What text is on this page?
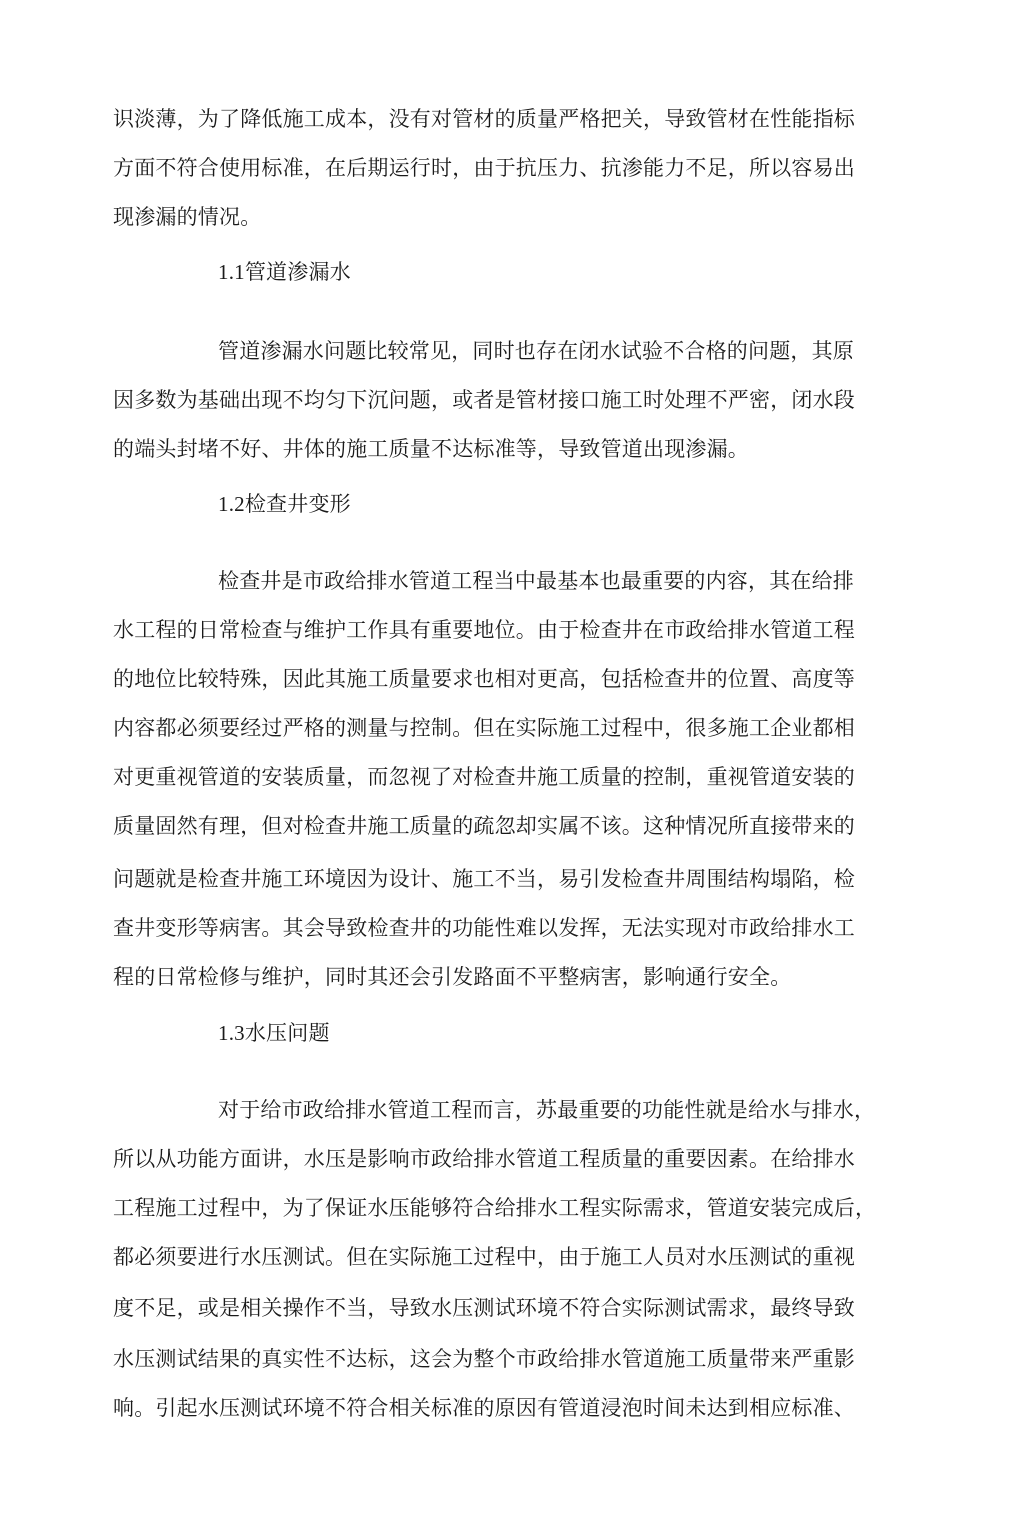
识淡薄，为了降低施工成本，没有对管材的质量严格把关，导致管材在性能指标
方面不符合使用标准，在后期运行时，由于抗压力、抗渗能力不足，所以容易出
现渗漏的情况。
1.1管道渗漏水
管道渗漏水问题比较常见，同时也存在闭水试验不合格的问题，其原
因多数为基础出现不均匀下沉问题，或者是管材接口施工时处理不严密，闭水段
的端头封堵不好、井体的施工质量不达标准等，导致管道出现渗漏。
1.2检查井变形
检查井是市政给排水管道工程当中最基本也最重要的内容，其在给排
水工程的日常检查与维护工作具有重要地位。由于检查井在市政给排水管道工程
的地位比较特殊，因此其施工质量要求也相对更高，包括检查井的位置、高度等
内容都必须要经过严格的测量与控制。但在实际施工过程中，很多施工企业都相
对更重视管道的安装质量，而忽视了对检查井施工质量的控制，重视管道安装的
质量固然有理，但对检查井施工质量的疏忽却实属不该。这种情况所直接带来的
问题就是检查井施工环境因为设计、施工不当，易引发检查井周围结构塌陷，检
查井变形等病害。其会导致检查井的功能性难以发挥，无法实现对市政给排水工
程的日常检修与维护，同时其还会引发路面不平整病害，影响通行安全。
1.3水压问题
对于给市政给排水管道工程而言，苏最重要的功能性就是给水与排水，
所以从功能方面讲，水压是影响市政给排水管道工程质量的重要因素。在给排水
工程施工过程中，为了保证水压能够符合给排水工程实际需求，管道安装完成后，
都必须要进行水压测试。但在实际施工过程中，由于施工人员对水压测试的重视
度不足，或是相关操作不当，导致水压测试环境不符合实际测试需求，最终导致
水压测试结果的真实性不达标，这会为整个市政给排水管道施工质量带来严重影
响。引起水压测试环境不符合相关标准的原因有管道浸泡时间未达到相应标准、
